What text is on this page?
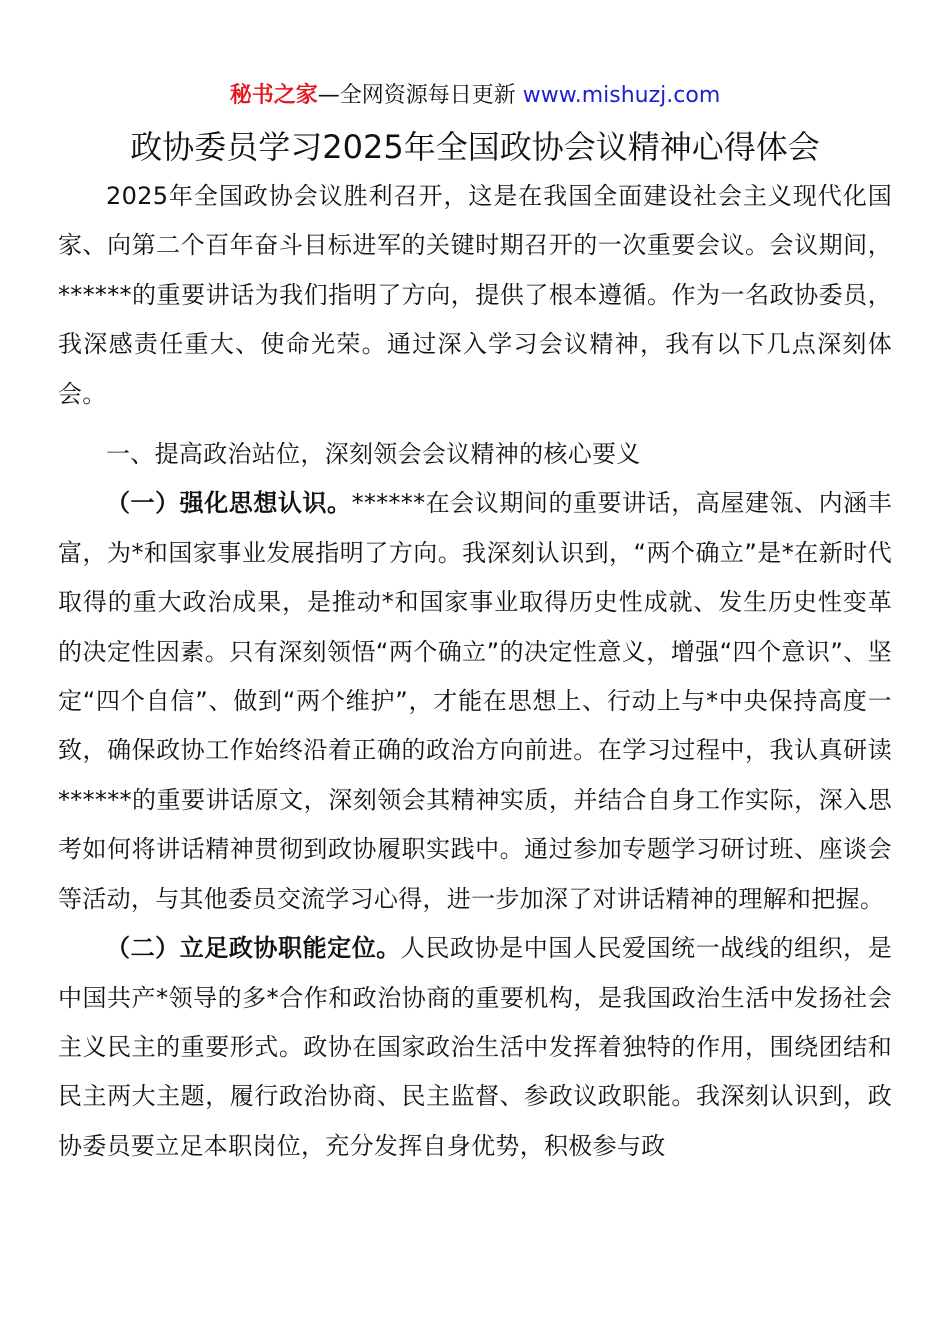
秘书之家—全网资源每日更新 www.mishuzj.com
政协委员学习2025年全国政协会议精神心得体会

2025年全国政协会议胜利召开，这是在我国全面建设社会主义现代化国家、向第二个百年奋斗目标进军的关键时期召开的一次重要会议。会议期间，******的重要讲话为我们指明了方向，提供了根本遵循。作为一名政协委员，我深感责任重大、使命光荣。通过深入学习会议精神，我有以下几点深刻体会。

一、提高政治站位，深刻领会会议精神的核心要义

（一）强化思想认识。******在会议期间的重要讲话，高屋建瓴、内涵丰富，为*和国家事业发展指明了方向。我深刻认识到，“两个确立”是*在新时代取得的重大政治成果，是推动*和国家事业取得历史性成就、发生历史性变革的决定性因素。只有深刻领悟“两个确立”的决定性意义，增强“四个意识”、坚定“四个自信”、做到“两个维护”，才能在思想上、行动上与*中央保持高度一致，确保政协工作始终沿着正确的政治方向前进。在学习过程中，我认真研读******的重要讲话原文，深刻领会其精神实质，并结合自身工作实际，深入思考如何将讲话精神贯彻到政协履职实践中。通过参加专题学习研讨班、座谈会等活动，与其他委员交流学习心得，进一步加深了对讲话精神的理解和把握。

（二）立足政协职能定位。人民政协是中国人民爱国统一战线的组织，是中国共产*领导的多*合作和政治协商的重要机构，是我国政治生活中发扬社会主义民主的重要形式。政协在国家政治生活中发挥着独特的作用，围绕团结和民主两大主题，履行政治协商、民主监督、参政议政职能。我深刻认识到，政协委员要立足本职岗位，充分发挥自身优势，积极参与政
